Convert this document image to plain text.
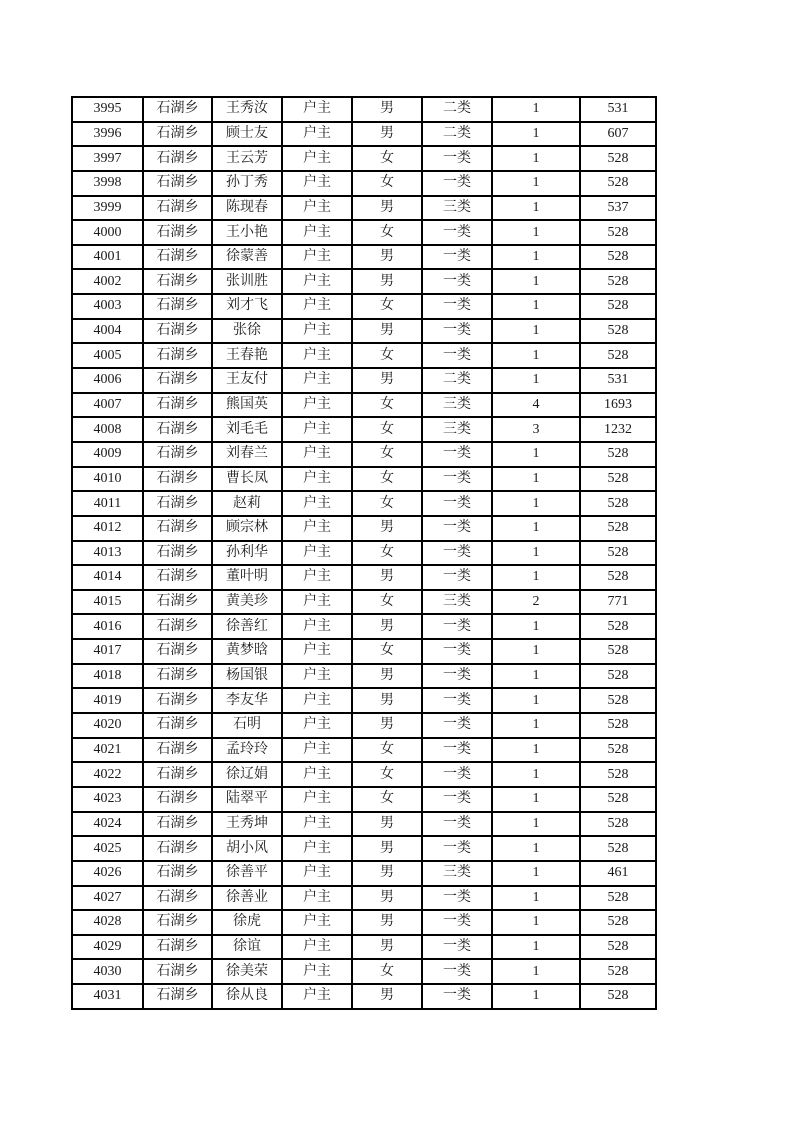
3995	石湖乡	王秀汝	户主	男	二类	1	531
3996	石湖乡	顾士友	户主	男	二类	1	607
3997	石湖乡	王云芳	户主	女	一类	1	528
3998	石湖乡	孙丁秀	户主	女	一类	1	528
3999	石湖乡	陈现春	户主	男	三类	1	537
4000	石湖乡	王小艳	户主	女	一类	1	528
4001	石湖乡	徐蒙善	户主	男	一类	1	528
4002	石湖乡	张训胜	户主	男	一类	1	528
4003	石湖乡	刘才飞	户主	女	一类	1	528
4004	石湖乡	张徐	户主	男	一类	1	528
4005	石湖乡	王春艳	户主	女	一类	1	528
4006	石湖乡	王友付	户主	男	二类	1	531
4007	石湖乡	熊国英	户主	女	三类	4	1693
4008	石湖乡	刘毛毛	户主	女	三类	3	1232
4009	石湖乡	刘春兰	户主	女	一类	1	528
4010	石湖乡	曹长凤	户主	女	一类	1	528
4011	石湖乡	赵莉	户主	女	一类	1	528
4012	石湖乡	顾宗林	户主	男	一类	1	528
4013	石湖乡	孙利华	户主	女	一类	1	528
4014	石湖乡	董叶明	户主	男	一类	1	528
4015	石湖乡	黄美珍	户主	女	三类	2	771
4016	石湖乡	徐善红	户主	男	一类	1	528
4017	石湖乡	黄梦晗	户主	女	一类	1	528
4018	石湖乡	杨国银	户主	男	一类	1	528
4019	石湖乡	李友华	户主	男	一类	1	528
4020	石湖乡	石明	户主	男	一类	1	528
4021	石湖乡	孟玲玲	户主	女	一类	1	528
4022	石湖乡	徐辽娟	户主	女	一类	1	528
4023	石湖乡	陆翠平	户主	女	一类	1	528
4024	石湖乡	王秀坤	户主	男	一类	1	528
4025	石湖乡	胡小风	户主	男	一类	1	528
4026	石湖乡	徐善平	户主	男	三类	1	461
4027	石湖乡	徐善业	户主	男	一类	1	528
4028	石湖乡	徐虎	户主	男	一类	1	528
4029	石湖乡	徐谊	户主	男	一类	1	528
4030	石湖乡	徐美荣	户主	女	一类	1	528
4031	石湖乡	徐从良	户主	男	一类	1	528
